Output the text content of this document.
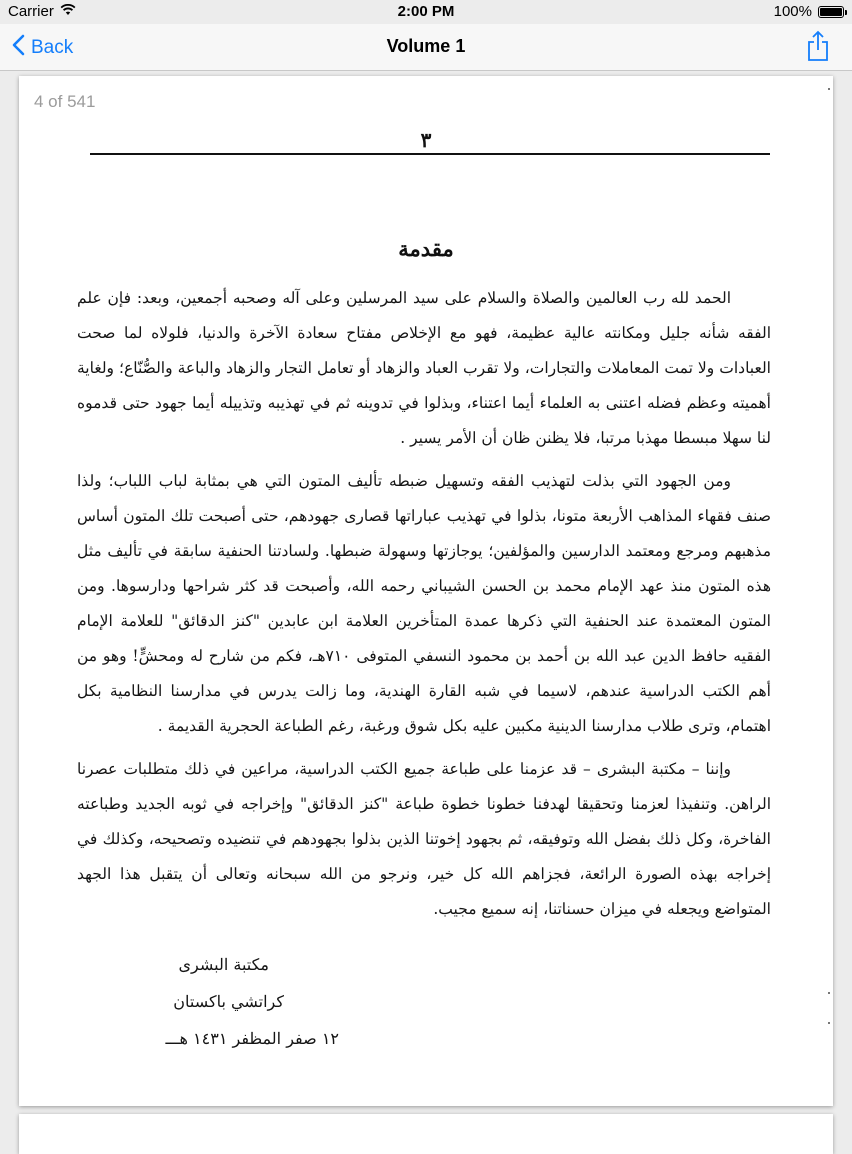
Carrier	2:00 PM	100%
Back	Volume 1
٣
مقدمة

الحمد لله رب العالمين والصلاة والسلام على سيد المرسلين وعلى آله وصحبه أجمعين، وبعد: فإن علم الفقه شأنه جليل ومكانته عالية عظيمة، فهو مع الإخلاص مفتاح سعادة الآخرة والدنيا، فلولاه لما صحت العبادات ولا تمت المعاملات والتجارات، ولا تقرب العباد والزهاد أو تعامل التجار والزهاد والباعة والصُّنّاع؛ ولغاية أهميته وعظم فضله اعتنى به العلماء أيما اعتناء، وبذلوا في تدوينه ثم في تهذيبه وتذييله أيما جهود حتى قدموه لنا سهلا مبسطا مهذبا مرتبا، فلا يظنن ظان أن الأمر يسير .

ومن الجهود التي بذلت لتهذيب الفقه وتسهيل ضبطه تأليف المتون التي هي بمثابة لباب اللباب؛ ولذا صنف فقهاء المذاهب الأربعة متونا، بذلوا في تهذيب عباراتها قصارى جهودهم، حتى أصبحت تلك المتون أساس مذهبهم ومرجع ومعتمد الدارسين والمؤلفين؛ يوجازتها وسهولة ضبطها. ولسادتنا الحنفية سابقة في تأليف مثل هذه المتون منذ عهد الإمام محمد بن الحسن الشيباني رحمه الله، وأصبحت قد كثر شراحها ودارسوها. ومن المتون المعتمدة عند الحنفية التي ذكرها عمدة المتأخرين العلامة ابن عابدين "كنز الدقائق" للعلامة الإمام الفقيه حافظ الدين عبد الله بن أحمد بن محمود النسفي المتوفى ٧١٠هـ، فكم من شارح له ومحشٍّ! وهو من أهم الكتب الدراسية عندهم، لاسيما في شبه القارة الهندية، وما زالت يدرس في مدارسنا النظامية بكل اهتمام، وترى طلاب مدارسنا الدينية مكبين عليه بكل شوق ورغبة، رغم الطباعة الحجرية القديمة .

وإننا – مكتبة البشرى – قد عزمنا على طباعة جميع الكتب الدراسية، مراعين في ذلك متطلبات عصرنا الراهن. وتنفيذا لعزمنا وتحقيقا لهدفنا خطونا خطوة طباعة "كنز الدقائق" وإخراجه في ثوبه الجديد وطباعته الفاخرة، وكل ذلك بفضل الله وتوفيقه، ثم بجهود إخوتنا الذين بذلوا بجهودهم في تنضيده وتصحيحه، وكذلك في إخراجه بهذه الصورة الرائعة، فجزاهم الله كل خير، ونرجو من الله سبحانه وتعالى أن يتقبل هذا الجهد المتواضع ويجعله في ميزان حسناتنا، إنه سميع مجيب.

مكتبة البشرى
كراتشي باكستان
١٢ صفر المظفر ١٤٣١ هـــ
4 of 541
